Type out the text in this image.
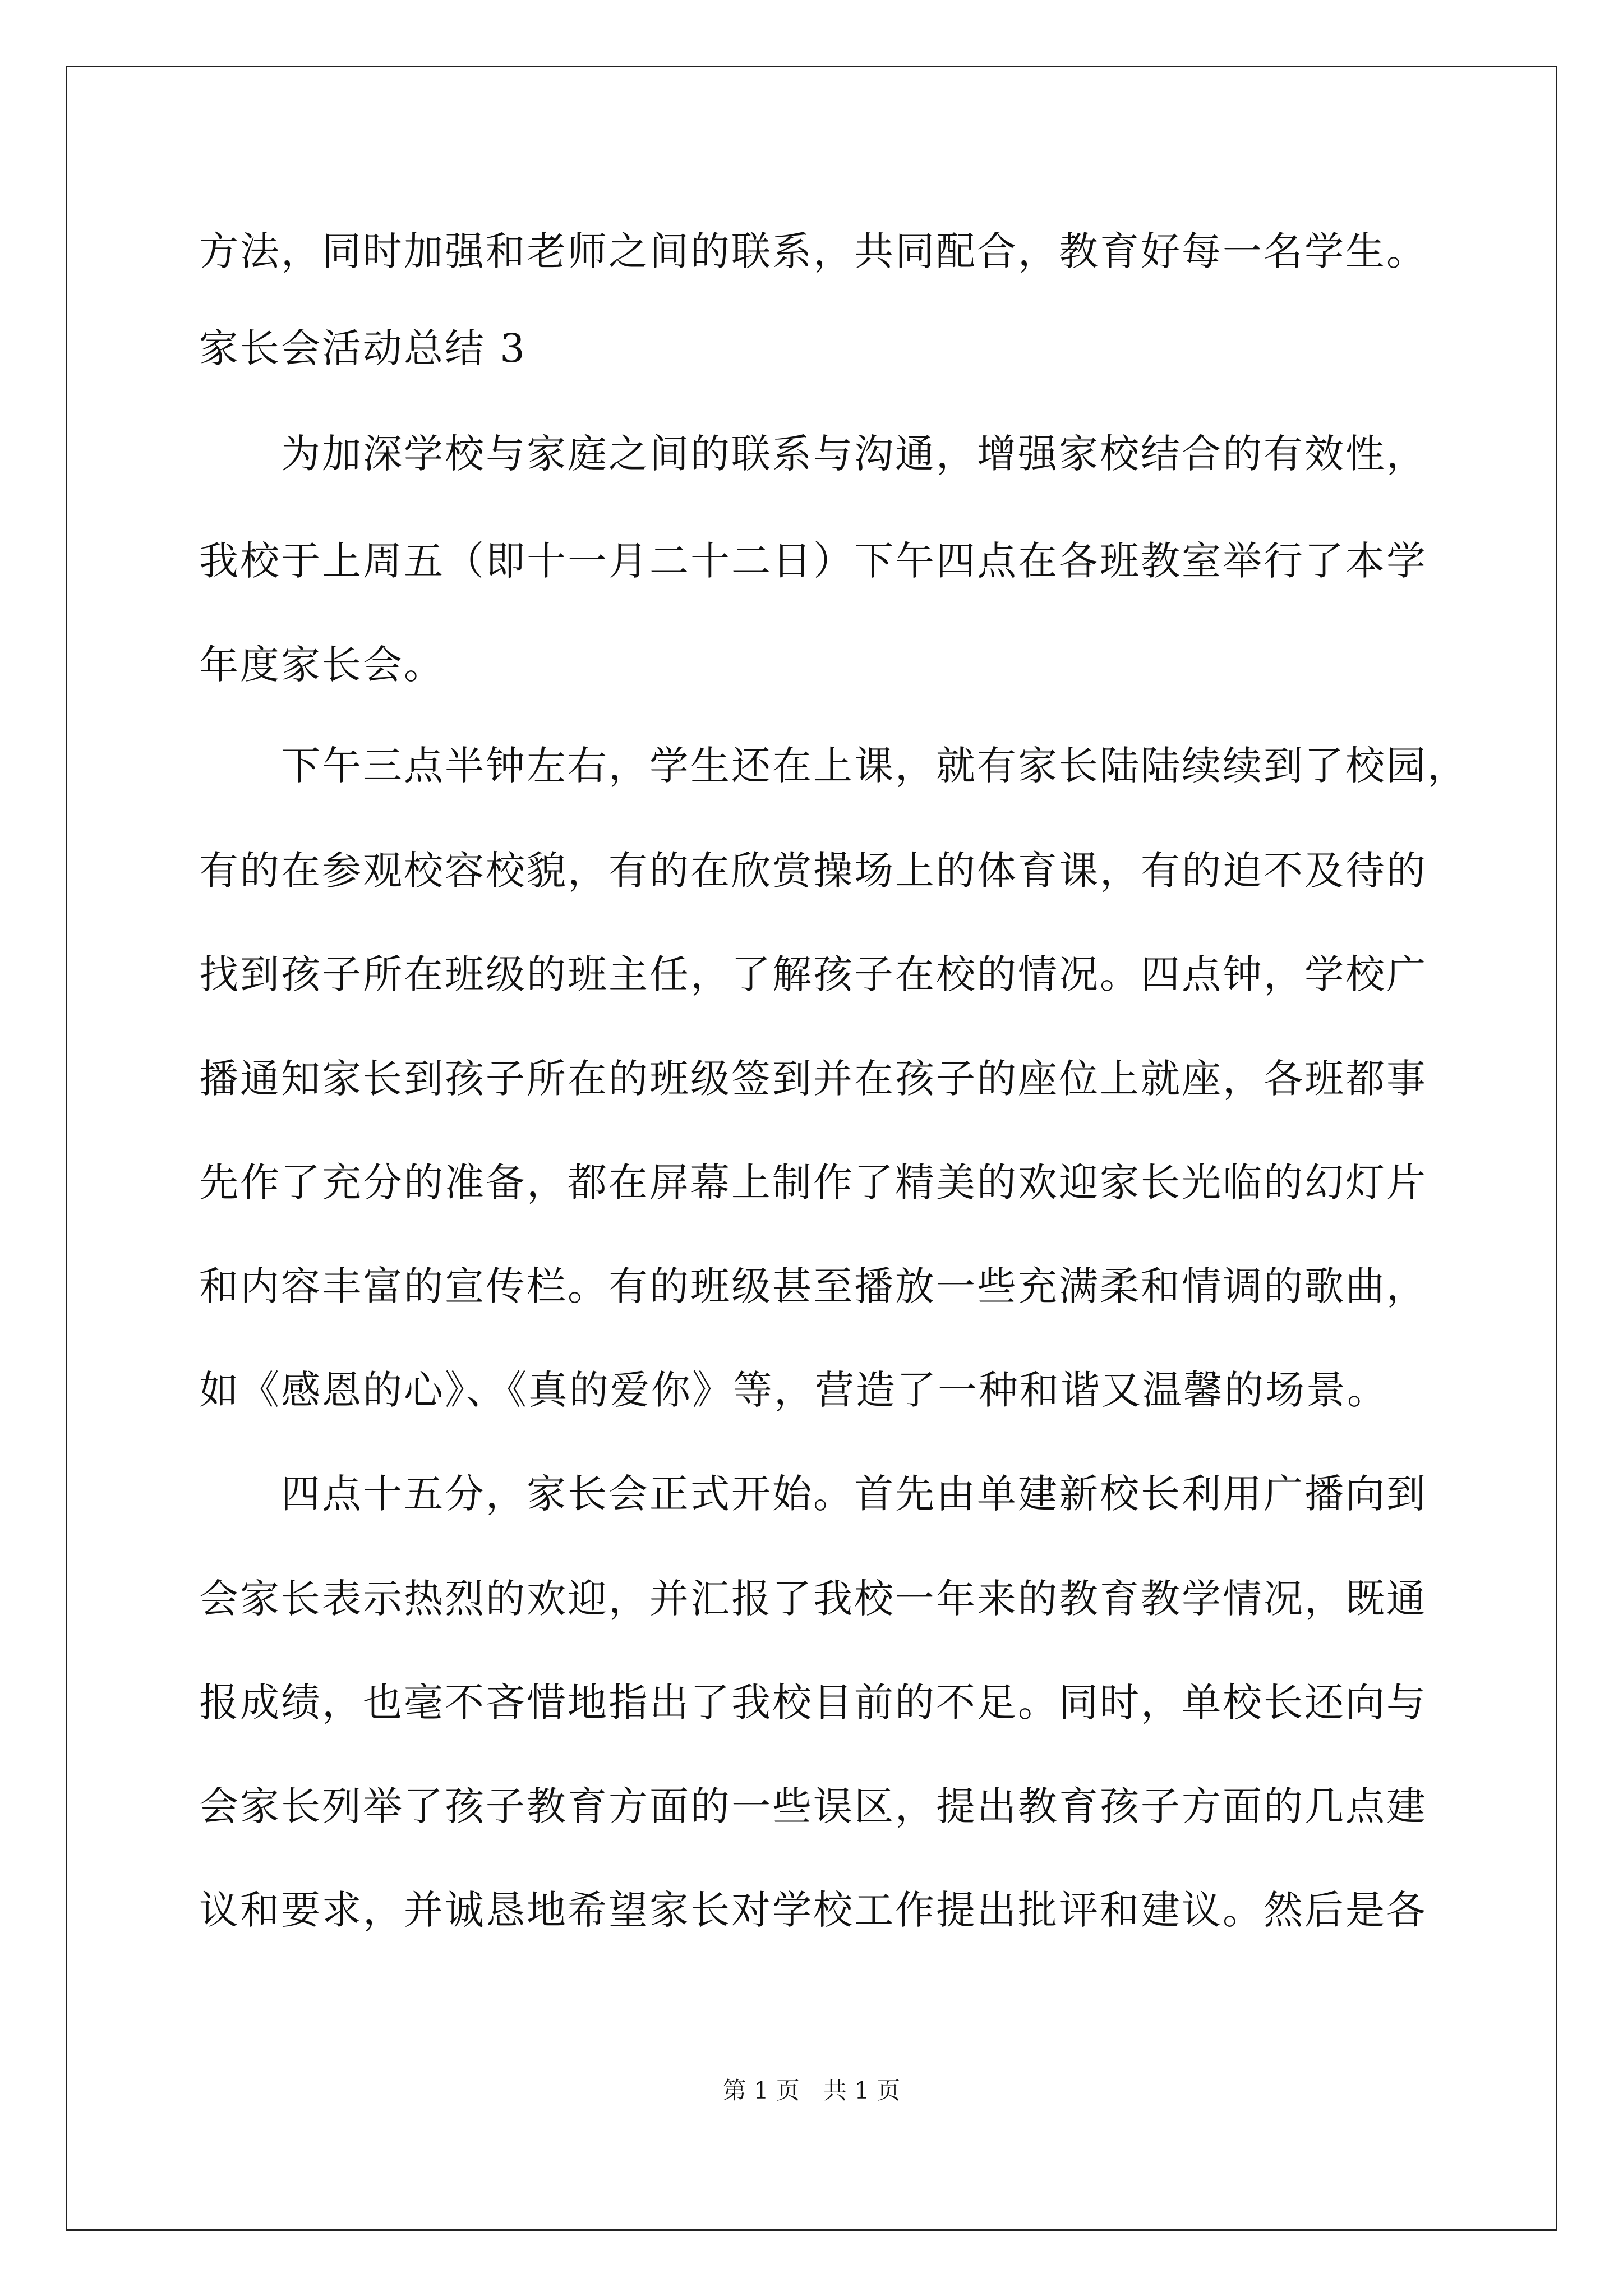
方法，同时加强和老师之间的联系，共同配合，教育好每一名学生。
家长会活动总结 3
　　为加深学校与家庭之间的联系与沟通，增强家校结合的有效性，
我校于上周五（即十一月二十二日）下午四点在各班教室举行了本学
年度家长会。
　　下午三点半钟左右，学生还在上课，就有家长陆陆续续到了校园，
有的在参观校容校貌，有的在欣赏操场上的体育课，有的迫不及待的
找到孩子所在班级的班主任，了解孩子在校的情况。四点钟，学校广
播通知家长到孩子所在的班级签到并在孩子的座位上就座，各班都事
先作了充分的准备，都在屏幕上制作了精美的欢迎家长光临的幻灯片
和内容丰富的宣传栏。有的班级甚至播放一些充满柔和情调的歌曲，
如《感恩的心》、《真的爱你》等，营造了一种和谐又温馨的场景。
　　四点十五分，家长会正式开始。首先由单建新校长利用广播向到
会家长表示热烈的欢迎，并汇报了我校一年来的教育教学情况，既通
报成绩，也毫不吝惜地指出了我校目前的不足。同时，单校长还向与
会家长列举了孩子教育方面的一些误区，提出教育孩子方面的几点建
议和要求，并诚恳地希望家长对学校工作提出批评和建议。然后是各
第 1 页　共 1 页
